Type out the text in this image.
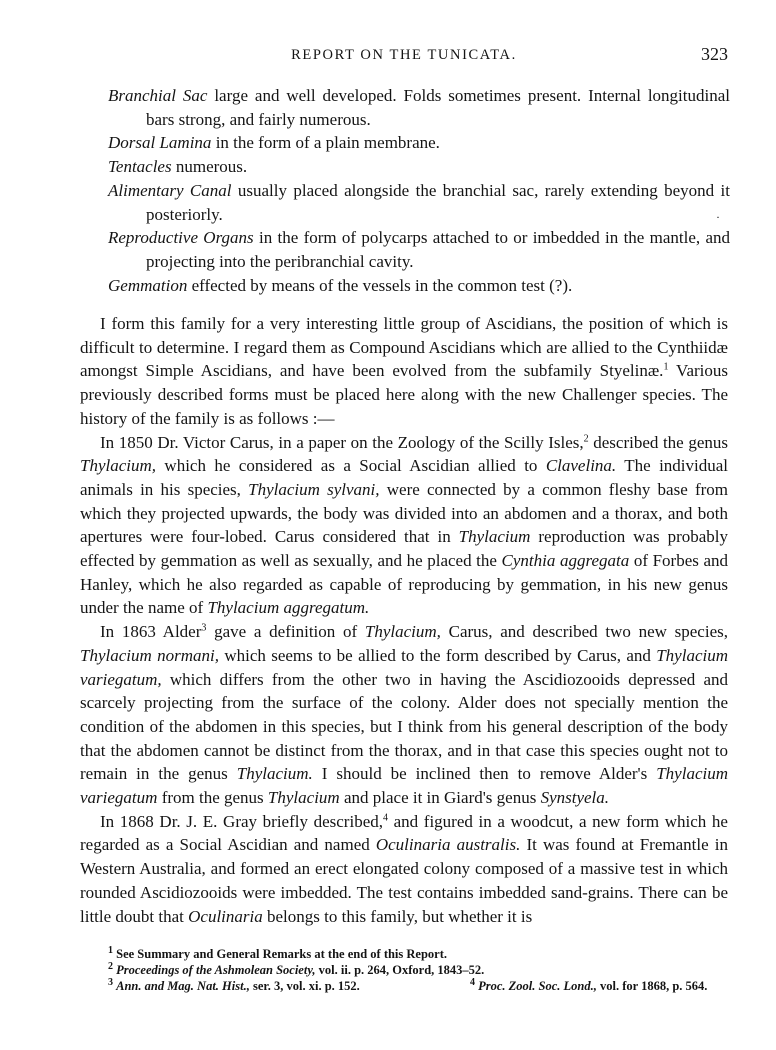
REPORT ON THE TUNICATA.	323

Branchial Sac large and well developed. Folds sometimes present. Internal longitudinal bars strong, and fairly numerous.

Dorsal Lamina in the form of a plain membrane.

Tentacles numerous.

Alimentary Canal usually placed alongside the branchial sac, rarely extending beyond it posteriorly.

Reproductive Organs in the form of polycarps attached to or imbedded in the mantle, and projecting into the peribranchial cavity.

Gemmation effected by means of the vessels in the common test (?).

·

I form this family for a very interesting little group of Ascidians, the position of which is difficult to determine. I regard them as Compound Ascidians which are allied to the Cynthiidæ amongst Simple Ascidians, and have been evolved from the subfamily Styelinæ.$^1$ Various previously described forms must be placed here along with the new Challenger species. The history of the family is as follows :—

In 1850 Dr. Victor Carus, in a paper on the Zoology of the Scilly Isles,$^2$ described the genus Thylacium, which he considered as a Social Ascidian allied to Clavelina. The individual animals in his species, Thylacium sylvani, were connected by a common fleshy base from which they projected upwards, the body was divided into an abdomen and a thorax, and both apertures were four-lobed. Carus considered that in Thylacium reproduction was probably effected by gemmation as well as sexually, and he placed the Cynthia aggregata of Forbes and Hanley, which he also regarded as capable of reproducing by gemmation, in his new genus under the name of Thylacium aggregatum.

In 1863 Alder$^3$ gave a definition of Thylacium, Carus, and described two new species, Thylacium normani, which seems to be allied to the form described by Carus, and Thylacium variegatum, which differs from the other two in having the Ascidiozooids depressed and scarcely projecting from the surface of the colony. Alder does not specially mention the condition of the abdomen in this species, but I think from his general description of the body that the abdomen cannot be distinct from the thorax, and in that case this species ought not to remain in the genus Thylacium. I should be inclined then to remove Alder's Thylacium variegatum from the genus Thylacium and place it in Giard's genus Synstyela.

In 1868 Dr. J. E. Gray briefly described,$^4$ and figured in a woodcut, a new form which he regarded as a Social Ascidian and named Oculinaria australis. It was found at Fremantle in Western Australia, and formed an erect elongated colony composed of a massive test in which rounded Ascidiozooids were imbedded. The test contains imbedded sand-grains. There can be little doubt that Oculinaria belongs to this family, but whether it is

$^1$ See Summary and General Remarks at the end of this Report.

$^2$ Proceedings of the Ashmolean Society, vol. ii. p. 264, Oxford, 1843–52.

$^3$ Ann. and Mag. Nat. Hist., ser. 3, vol. xi. p. 152.	$^4$ Proc. Zool. Soc. Lond., vol. for 1868, p. 564.
